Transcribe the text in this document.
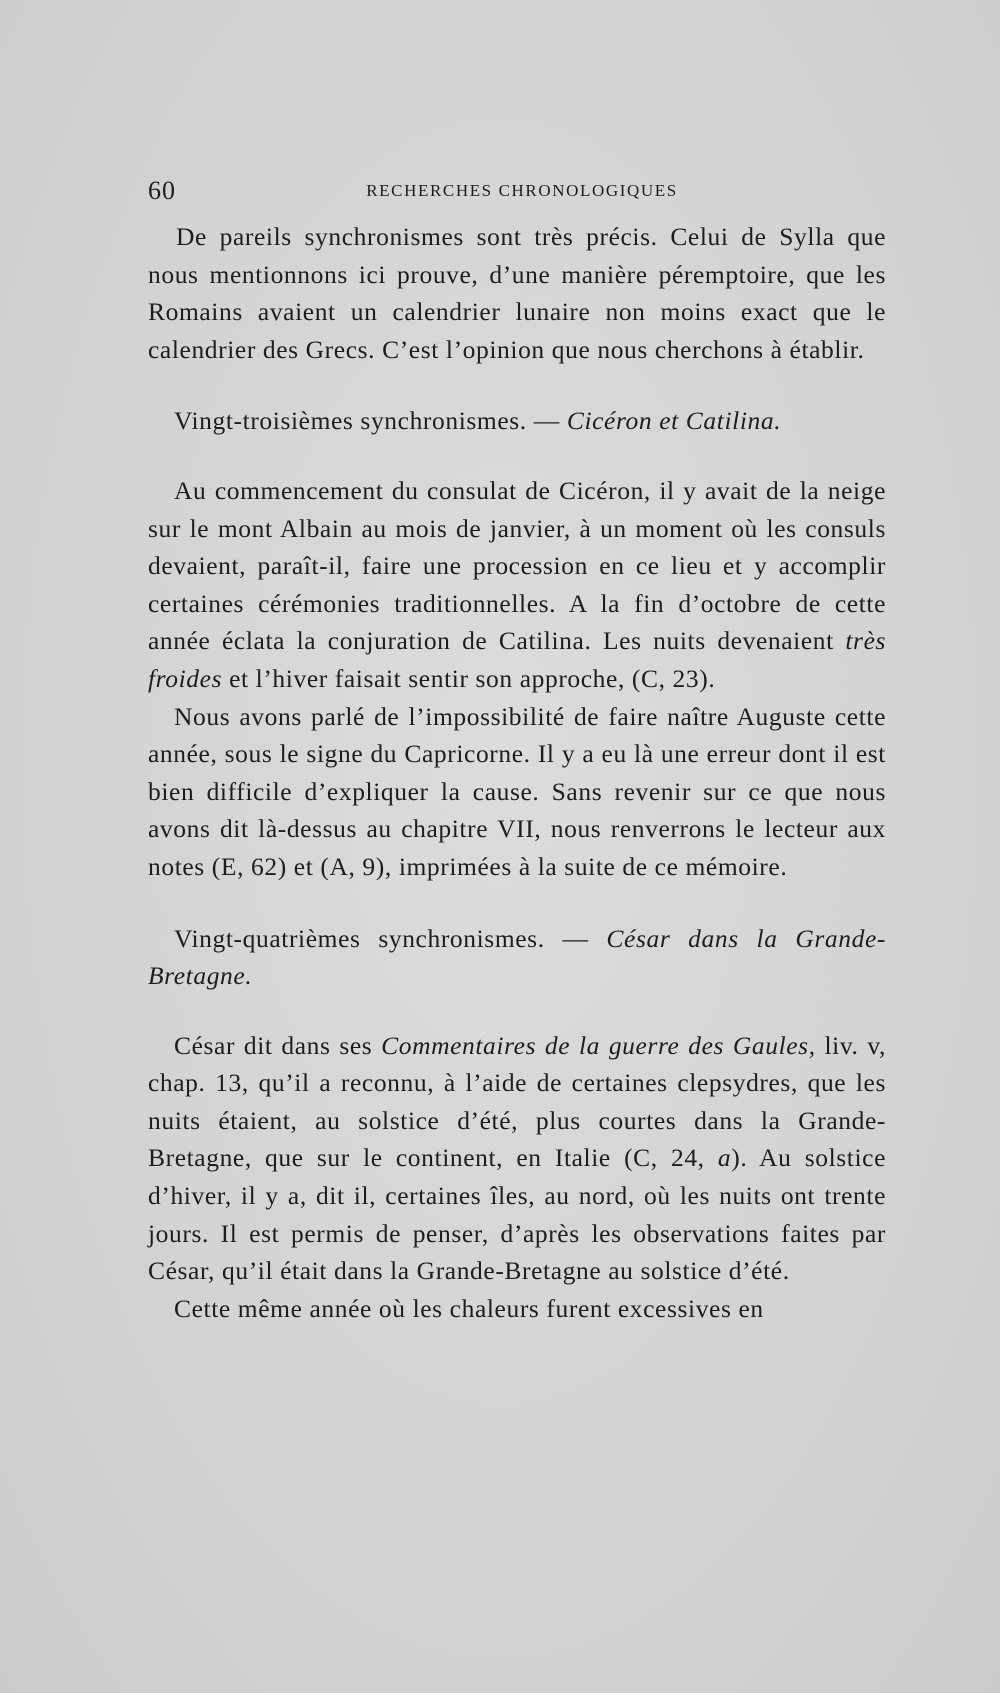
60	RECHERCHES CHRONOLOGIQUES

De pareils synchronismes sont très précis. Celui de Sylla que nous mentionnons ici prouve, d’une manière péremptoire, que les Romains avaient un calendrier lunaire non moins exact que le calendrier des Grecs. C’est l’opinion que nous cherchons à établir.

Vingt-troisièmes synchronismes. — Cicéron et Catilina.

Au commencement du consulat de Cicéron, il y avait de la neige sur le mont Albain au mois de janvier, à un moment où les consuls devaient, paraît-il, faire une procession en ce lieu et y accomplir certaines cérémonies traditionnelles. A la fin d’octobre de cette année éclata la conjuration de Catilina. Les nuits devenaient très froides et l’hiver faisait sentir son approche, (C, 23).

Nous avons parlé de l’impossibilité de faire naître Auguste cette année, sous le signe du Capricorne. Il y a eu là une erreur dont il est bien difficile d’expliquer la cause. Sans revenir sur ce que nous avons dit là-dessus au chapitre VII, nous renverrons le lecteur aux notes (E, 62) et (A, 9), imprimées à la suite de ce mémoire.

Vingt-quatrièmes synchronismes. — César dans la Grande-Bretagne.

César dit dans ses Commentaires de la guerre des Gaules, liv. v, chap. 13, qu’il a reconnu, à l’aide de certaines clepsydres, que les nuits étaient, au solstice d’été, plus courtes dans la Grande-Bretagne, que sur le continent, en Italie (C, 24, a). Au solstice d’hiver, il y a, dit il, certaines îles, au nord, où les nuits ont trente jours. Il est permis de penser, d’après les observations faites par César, qu’il était dans la Grande-Bretagne au solstice d’été.

Cette même année où les chaleurs furent excessives en
